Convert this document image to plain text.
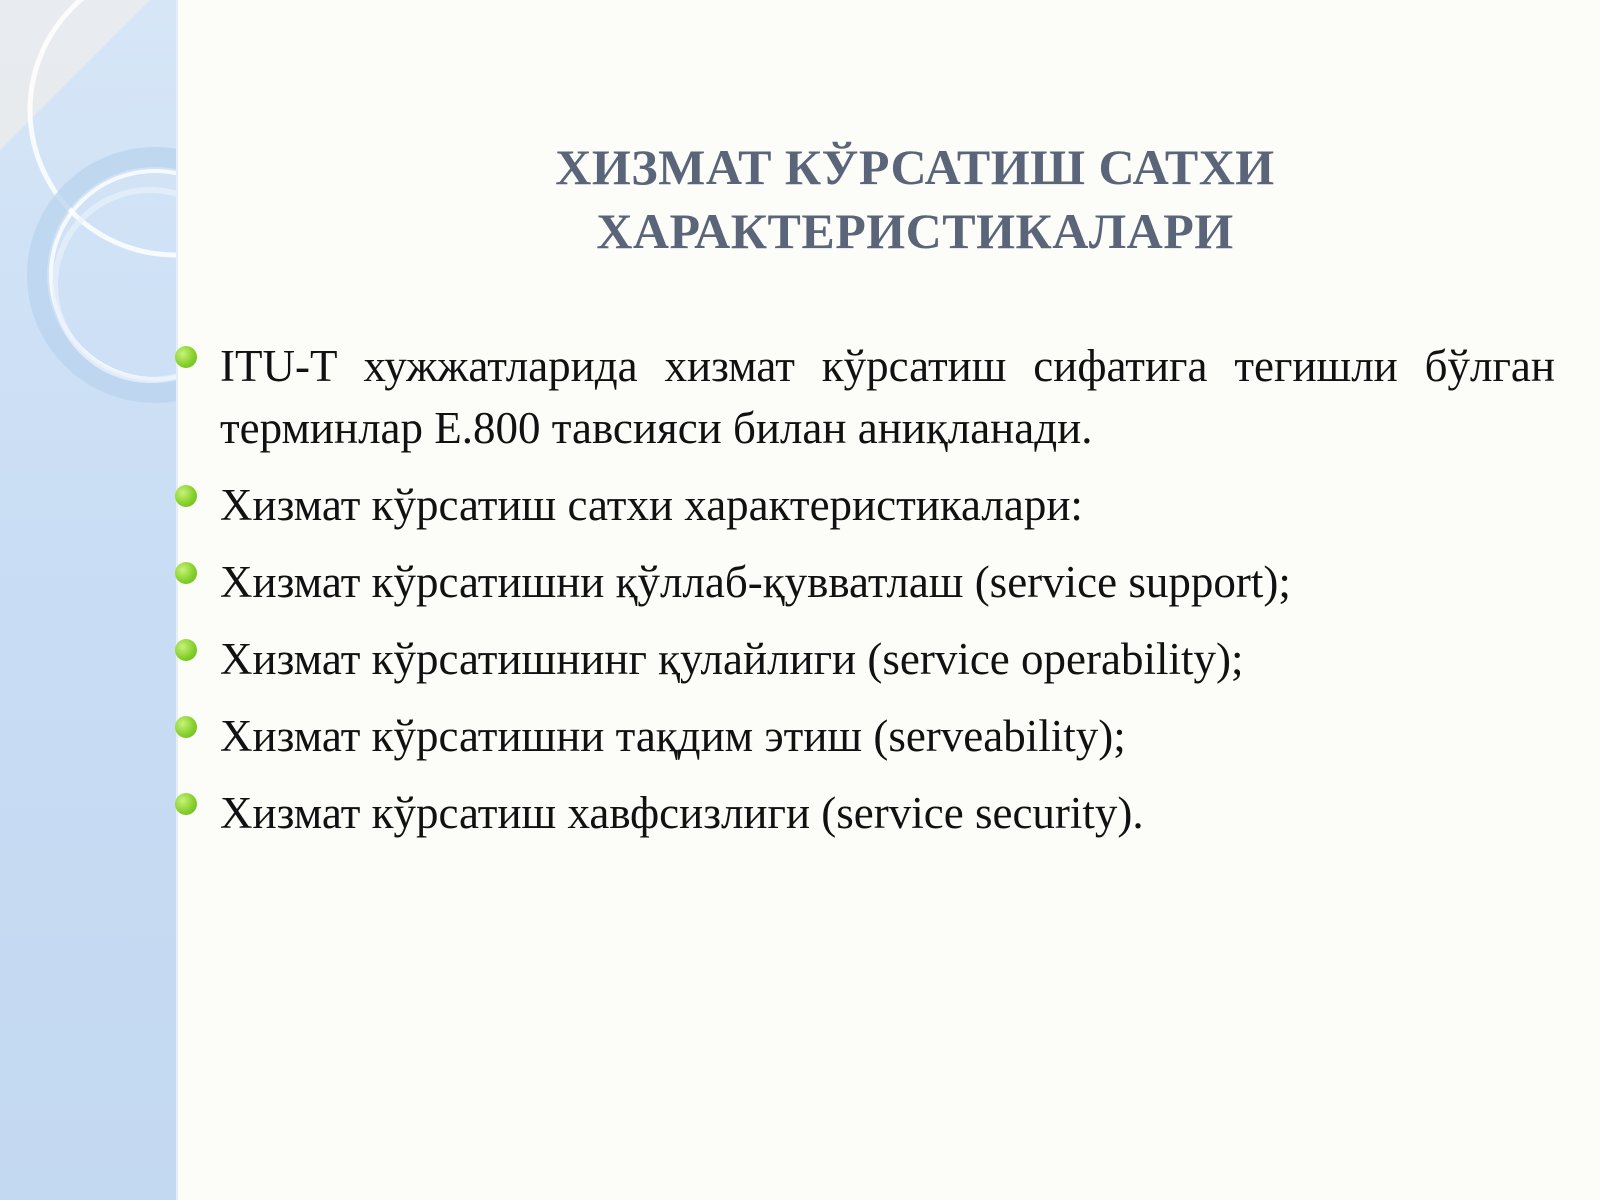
ХИЗМАТ КЎРСАТИШ САТХИ
ХАРАКТЕРИСТИКАЛАРИ
ITU-T хужжатларида хизмат кўрсатиш сифатига тегишли бўлган терминлар Е.800 тавсияси билан аниқланади.
Хизмат кўрсатиш сатхи характеристикалари:
Хизмат кўрсатишни қўллаб-қувватлаш (service support);
Хизмат кўрсатишнинг қулайлиги (service operability);
Хизмат кўрсатишни тақдим этиш (serveability);
Хизмат кўрсатиш хавфсизлиги (service security).
